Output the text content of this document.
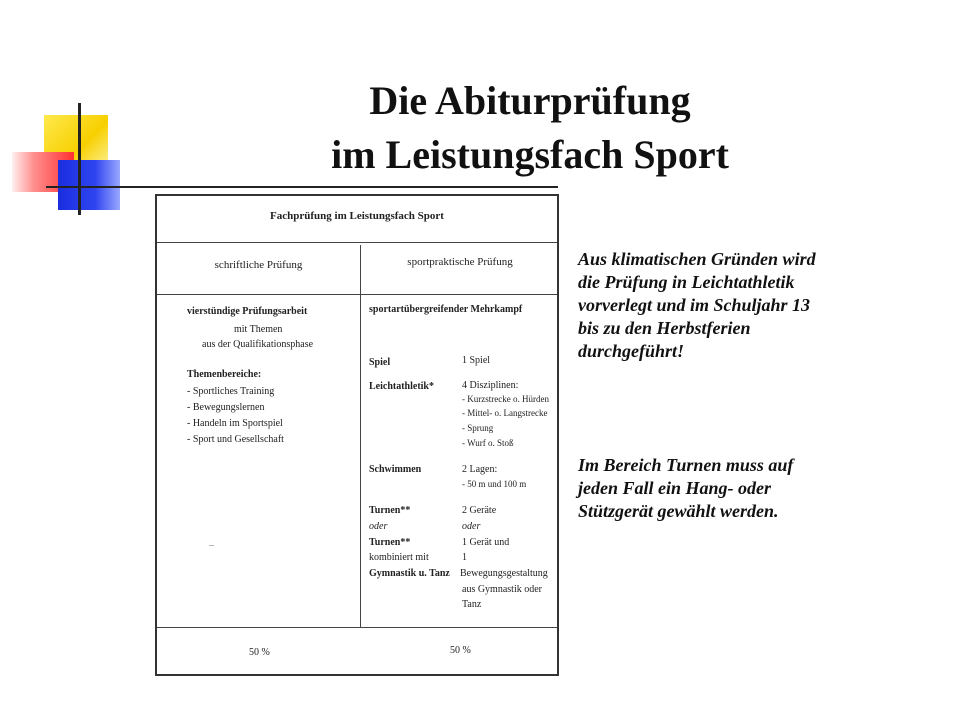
Die Abiturprüfung
im Leistungsfach Sport
Fachprüfung im Leistungsfach Sport
schriftliche Prüfung	sportpraktische Prüfung
vierstündige Prüfungsarbeit
mit Themen
aus der Qualifikationsphase
Themenbereiche:
- Sportliches Training
- Bewegungslernen
- Handeln im Sportspiel
- Sport und Gesellschaft
–
sportartübergreifender Mehrkampf
Spiel	1 Spiel
Leichtathletik*	4 Disziplinen:
- Kurzstrecke o. Hürden
- Mittel- o. Langstrecke
- Sprung
- Wurf o. Stoß
Schwimmen	2 Lagen:
- 50 m und 100 m
Turnen**	2 Geräte
oder	oder
Turnen**	1 Gerät und
kombiniert mit	1
Gymnastik u. Tanz Bewegungsgestaltung
aus Gymnastik oder
Tanz
50 %	50 %
Aus klimatischen Gründen wird
die Prüfung in Leichtathletik
vorverlegt und im Schuljahr 13
bis zu den Herbstferien
durchgeführt!
Im Bereich Turnen muss auf
jeden Fall ein Hang- oder
Stützgerät gewählt werden.
